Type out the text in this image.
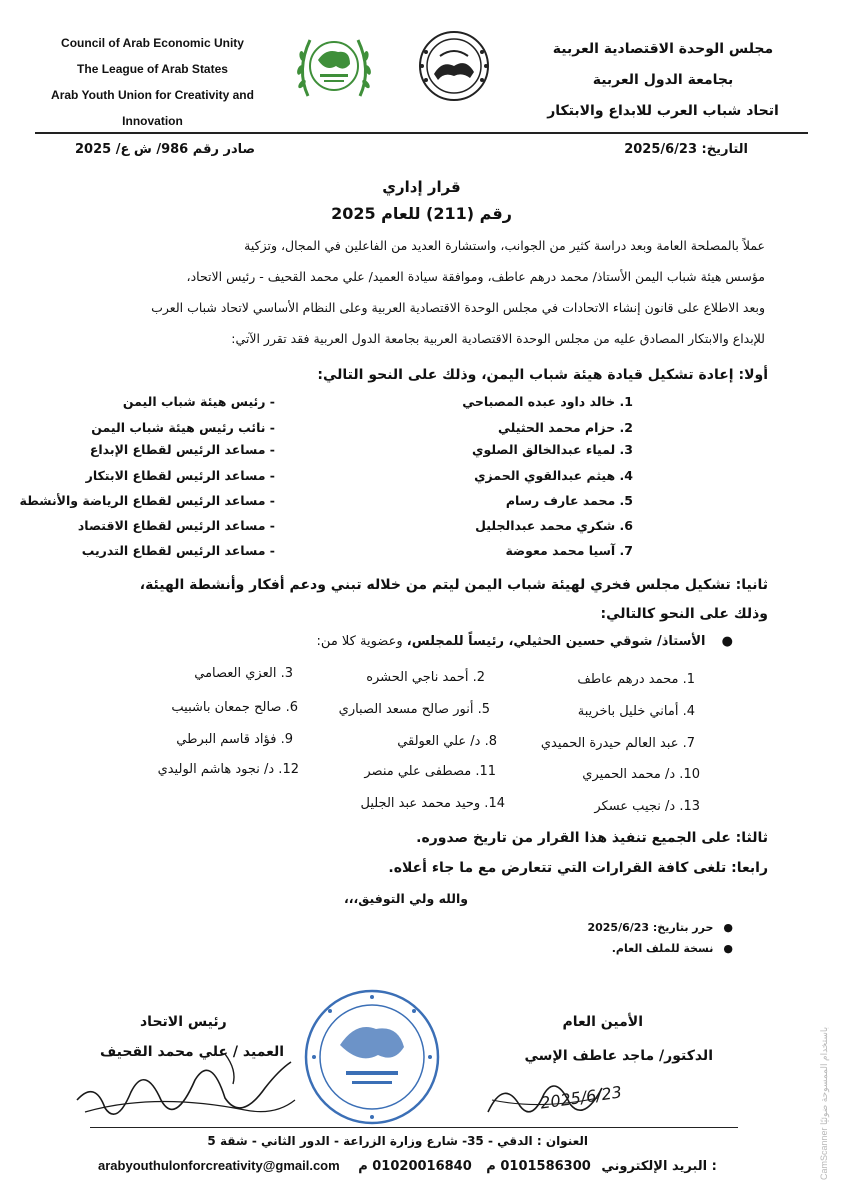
Council of Arab Economic Unity
The League of Arab States
Arab Youth Union for Creativity and
Innovation
مجلس الوحدة الاقتصادية العربية
بجامعة الدول العربية
اتحاد شباب العرب للابداع والابتكار
التاريخ: 2025/6/23
صادر رقم 986/ ش ع/ 2025
قرار إداري
رقم (211) للعام 2025

عملاً بالمصلحة العامة وبعد دراسة كثير من الجوانب، واستشارة العديد من الفاعلين في المجال، وتزكية

مؤسس هيئة شباب اليمن الأستاذ/ محمد درهم عاطف، وموافقة سيادة العميد/ علي محمد القحيف - رئيس الاتحاد،

وبعد الاطلاع على قانون إنشاء الاتحادات في مجلس الوحدة الاقتصادية العربية وعلى النظام الأساسي لاتحاد شباب العرب

للإبداع والابتكار المصادق عليه من مجلس الوحدة الاقتصادية العربية بجامعة الدول العربية فقد تقرر الآتي:

أولا: إعادة تشكيل قيادة هيئة شباب اليمن، وذلك على النحو التالي:
1. خالد داود عبده المصباحي
- رئيس هيئة شباب اليمن
2. حزام محمد الحثيلي
- نائب رئيس هيئة شباب اليمن
3. لمياء عبدالخالق الصلوي
- مساعد الرئيس لقطاع الإبداع
4. هيثم عبدالقوي الحمزي
- مساعد الرئيس لقطاع الابتكار
5. محمد عارف رسام
- مساعد الرئيس لقطاع الرياضة والأنشطة
6. شكري محمد عبدالجليل
- مساعد الرئيس لقطاع الاقتصاد
7. آسيا محمد معوضة
- مساعد الرئيس لقطاع التدريب
ثانيا: تشكيل مجلس فخري لهيئة شباب اليمن ليتم من خلاله تبني ودعم أفكار وأنشطة الهيئة،
وذلك على النحو كالتالي:
● الأستاذ/ شوقي حسين الحثيلي، رئيساً للمجلس، وعضوية كلا من:
1. محمد درهم عاطف
2. أحمد ناجي الحشره
3. العزي العصامي
4. أماني خليل باخريبة
5. أنور صالح مسعد الصباري
6. صالح جمعان باشبيب
7. عبد العالم حيدرة الحميدي
8. د/ علي العولقي
9. فؤاد قاسم البرطي
10. د/ محمد الحميري
11. مصطفى علي منصر
12. د/ نجود هاشم الوليدي
13. د/ نجيب عسكر
14. وحيد محمد عبد الجليل
ثالثا: على الجميع تنفيذ هذا القرار من تاريخ صدوره.
رابعا: تلغى كافة القرارات التي تتعارض مع ما جاء أعلاه.
والله ولي التوفيق،،،
●حرر بتاريخ: 2025/6/23
●نسخة للملف العام.
رئيس الاتحاد
العميد / علي محمد القحيف
الأمين العام
الدكتور/ ماجد عاطف الإسي
2025/6/23
العنوان : الدقي - 35- شارع وزارة الزراعة - الدور الثاني - شقة 5
arabyouthulonforcreativity@gmail.com	: البريد الإلكتروني 0101586300 م 01020016840 م	CamScanner باستخدام الممسوحة ضوئيًا
